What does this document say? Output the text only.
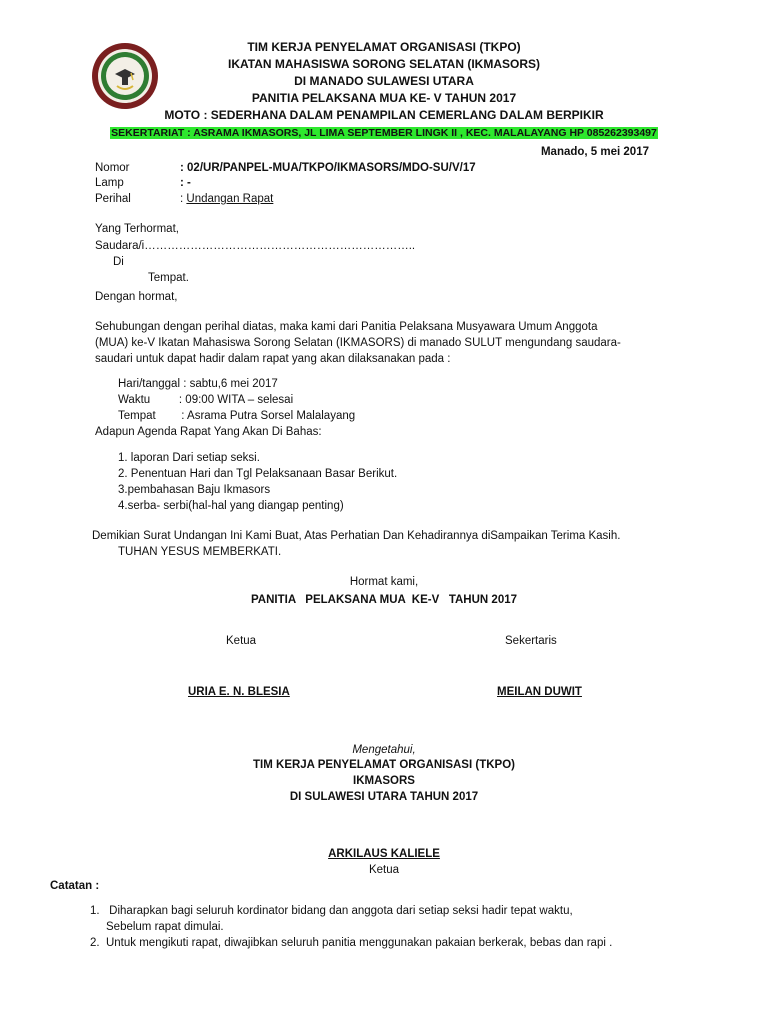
TIM KERJA PENYELAMAT ORGANISASI (TKPO)
IKATAN MAHASISWA SORONG SELATAN (IKMASORS)
DI MANADO SULAWESI UTARA
PANITIA PELAKSANA MUA KE- V TAHUN 2017
MOTO : SEDERHANA DALAM PENAMPILAN CEMERLANG DALAM BERPIKIR
SEKERTARIAT : ASRAMA IKMASORS, JL LIMA SEPTEMBER LINGK II , KEC. MALALAYANG HP 085262393497
Manado, 5 mei 2017
Nomor	: 02/UR/PANPEL-MUA/TKPO/IKMASORS/MDO-SU/V/17
Lamp	: -
Perihal	: Undangan Rapat
Yang Terhormat,
Saudara/i……………………………………………………………..
Di
Tempat.
Dengan hormat,
Sehubungan dengan perihal diatas, maka kami dari Panitia Pelaksana Musyawara Umum Anggota
(MUA) ke-V Ikatan Mahasiswa Sorong Selatan (IKMASORS) di manado SULUT mengundang saudara-
saudari untuk dapat hadir dalam rapat yang akan dilaksanakan pada :
Hari/tanggal : sabtu,6 mei 2017
Waktu         : 09:00 WITA – selesai
Tempat        : Asrama Putra Sorsel Malalayang
Adapun Agenda Rapat Yang Akan Di Bahas:
1. laporan Dari setiap seksi.
2. Penentuan Hari dan Tgl Pelaksanaan Basar Berikut.
3.pembahasan Baju Ikmasors
4.serba- serbi(hal-hal yang diangap penting)
Demikian Surat Undangan Ini Kami Buat, Atas Perhatian Dan Kehadirannya diSampaikan Terima Kasih.
TUHAN YESUS MEMBERKATI.
Hormat kami,
PANITIA   PELAKSANA MUA  KE-V   TAHUN 2017
Ketua	Sekertaris
URIA E. N. BLESIA	MEILAN DUWIT
Mengetahui,
TIM KERJA PENYELAMAT ORGANISASI (TKPO)
IKMASORS
DI SULAWESI UTARA TAHUN 2017
ARKILAUS KALIELE
Ketua
Catatan :
1.   Diharapkan bagi seluruh kordinator bidang dan anggota dari setiap seksi hadir tepat waktu,
Sebelum rapat dimulai.
2.  Untuk mengikuti rapat, diwajibkan seluruh panitia menggunakan pakaian berkerak, bebas dan rapi .
